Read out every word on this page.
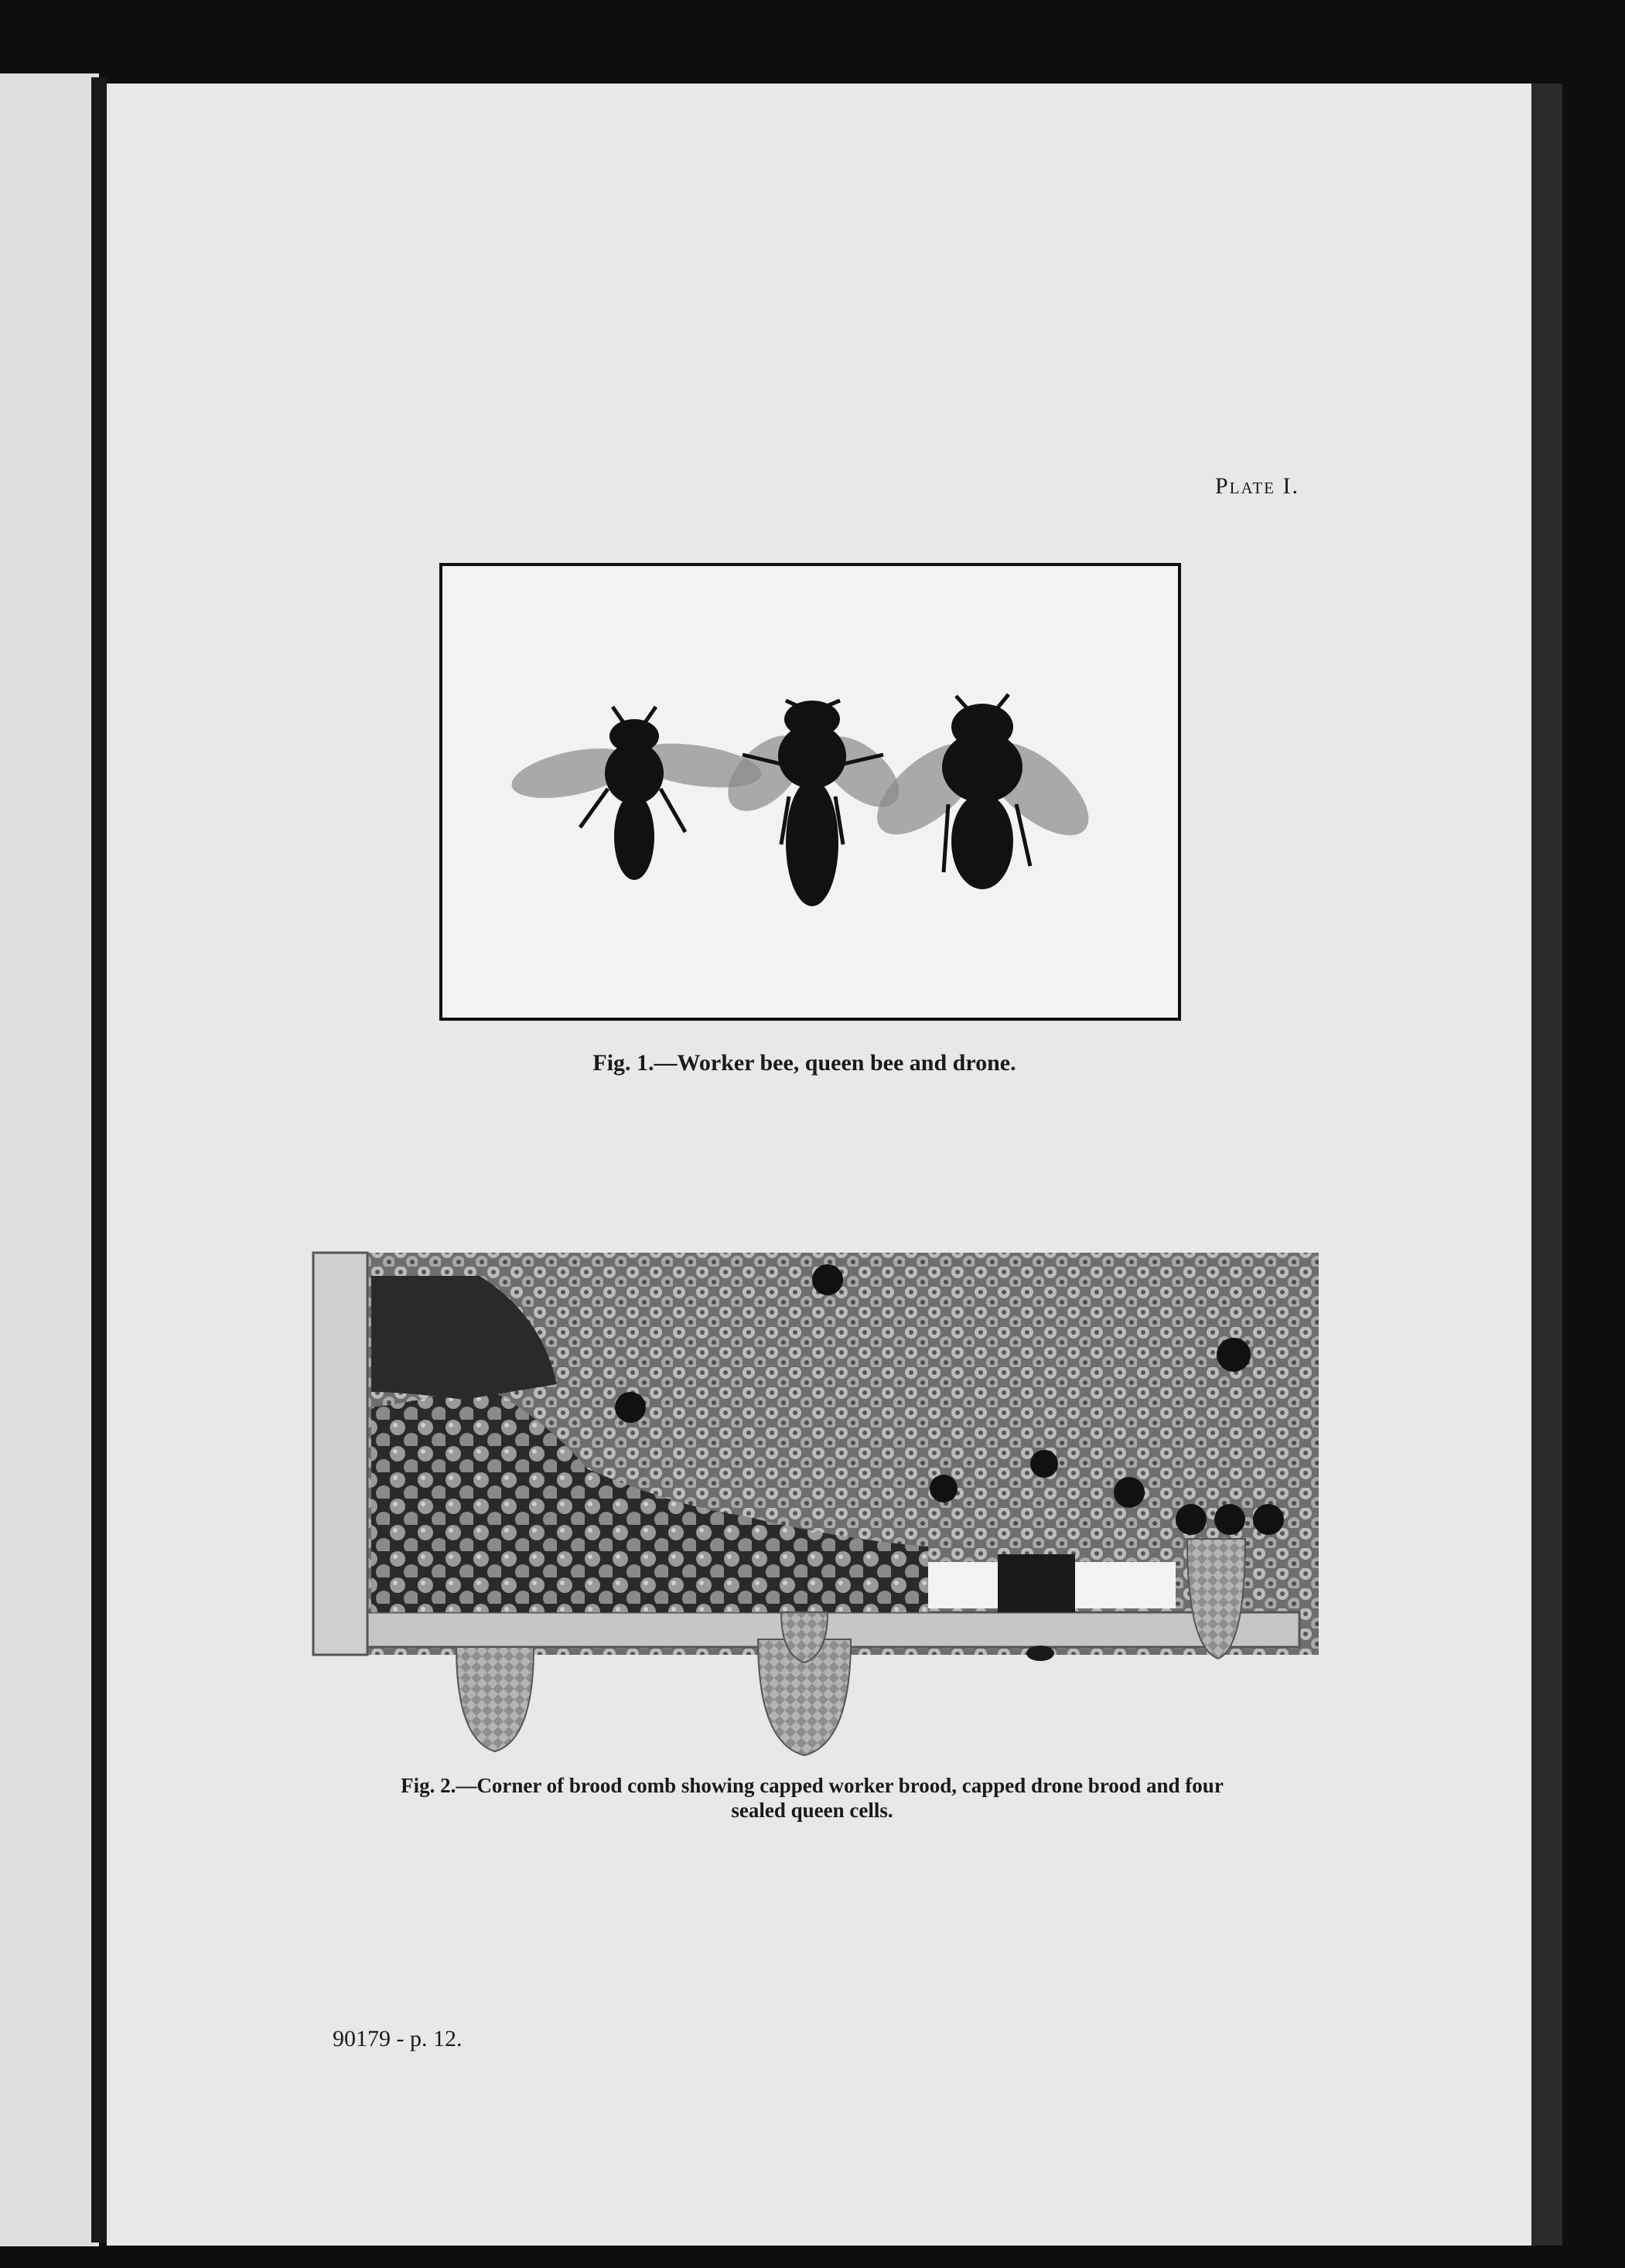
Plate I.
Fig. 1.—Worker bee, queen bee and drone.
Fig. 2.—Corner of brood comb showing capped worker brood, capped drone brood and four
sealed queen cells.
90179 - p. 12.
